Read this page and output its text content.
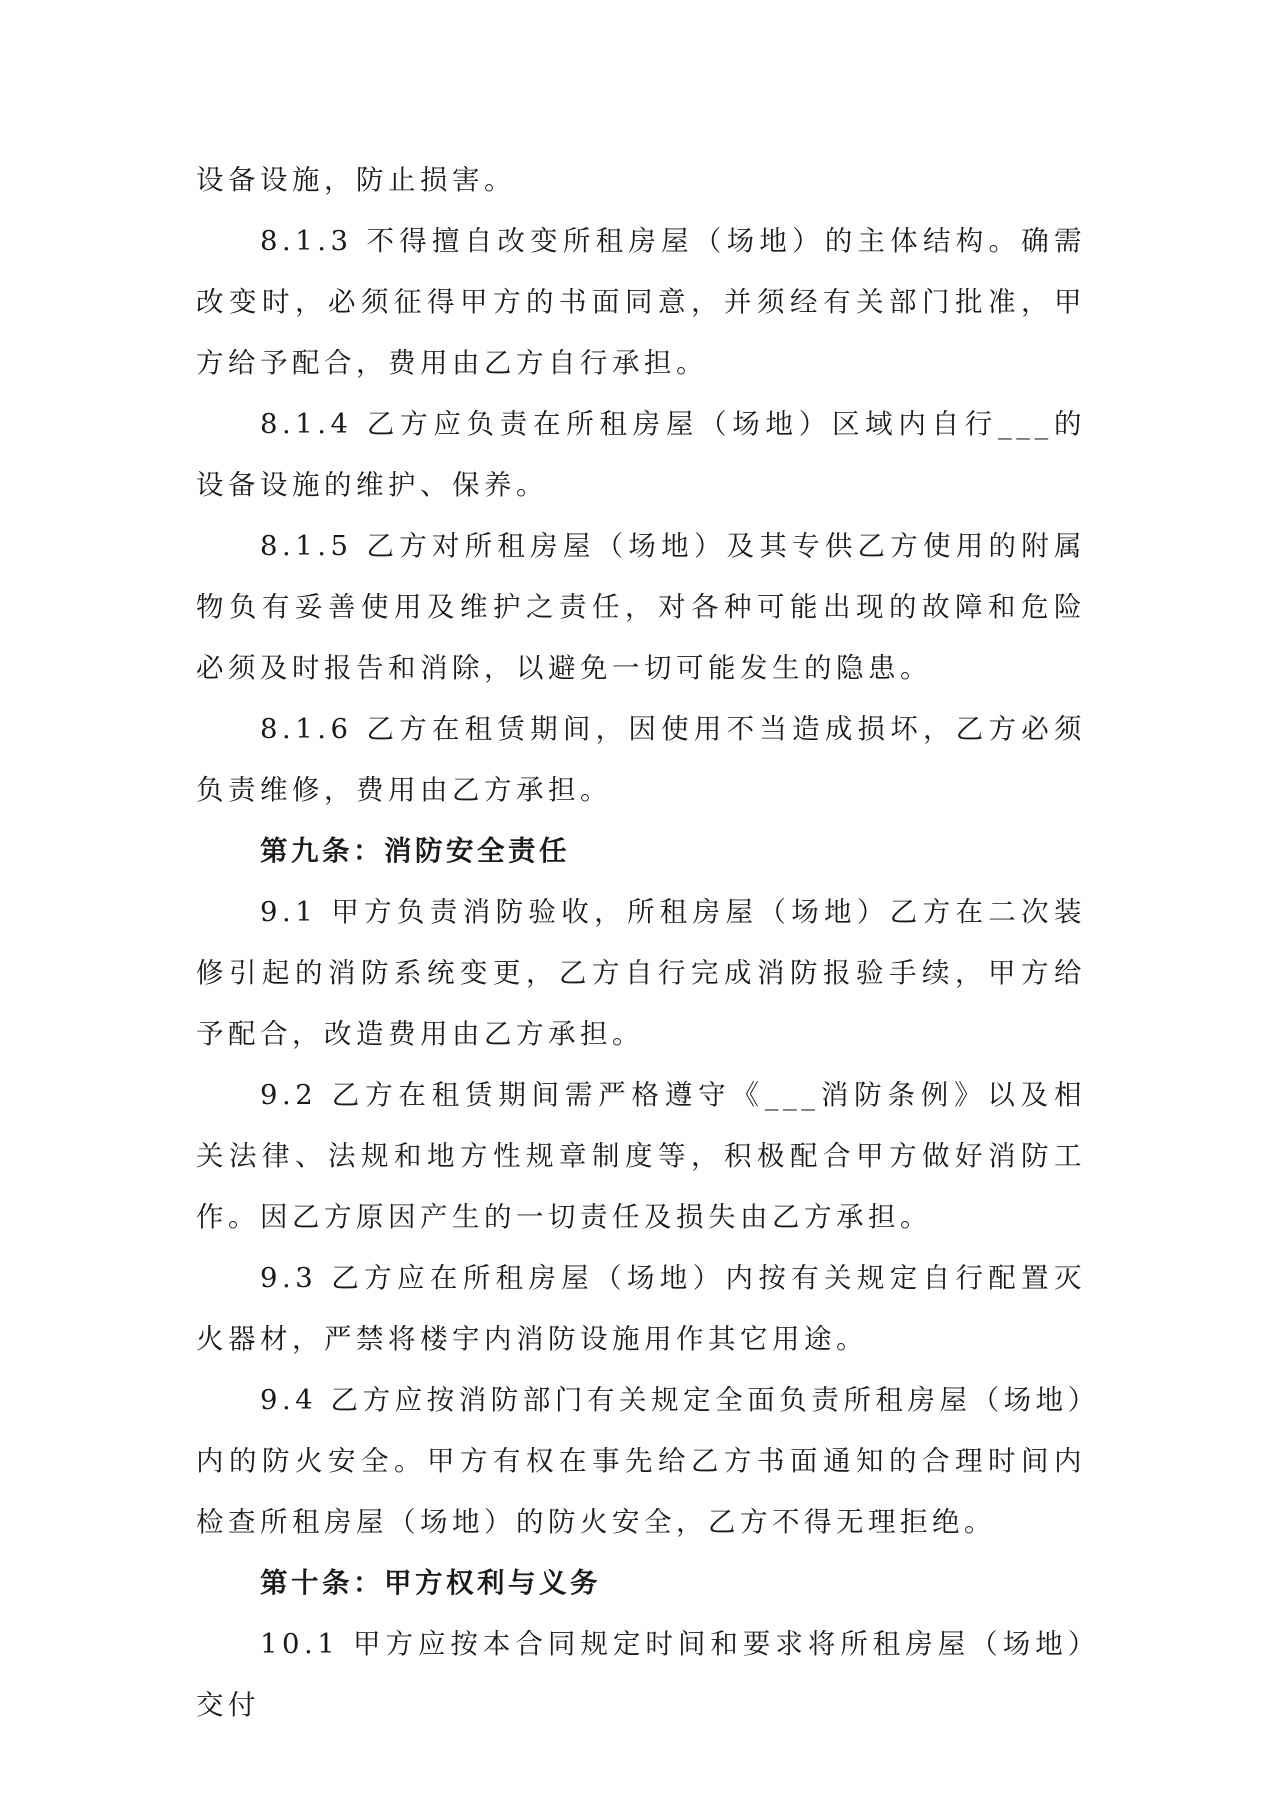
设备设施，防止损害。

8.1.3 不得擅自改变所租房屋（场地）的主体结构。确需改变时，必须征得甲方的书面同意，并须经有关部门批准，甲方给予配合，费用由乙方自行承担。

8.1.4 乙方应负责在所租房屋（场地）区域内自行___的设备设施的维护、保养。

8.1.5 乙方对所租房屋（场地）及其专供乙方使用的附属物负有妥善使用及维护之责任，对各种可能出现的故障和危险必须及时报告和消除，以避免一切可能发生的隐患。

8.1.6 乙方在租赁期间，因使用不当造成损坏，乙方必须负责维修，费用由乙方承担。

第九条：消防安全责任

9.1 甲方负责消防验收，所租房屋（场地）乙方在二次装修引起的消防系统变更，乙方自行完成消防报验手续，甲方给予配合，改造费用由乙方承担。

9.2 乙方在租赁期间需严格遵守《___消防条例》以及相关法律、法规和地方性规章制度等，积极配合甲方做好消防工作。因乙方原因产生的一切责任及损失由乙方承担。

9.3 乙方应在所租房屋（场地）内按有关规定自行配置灭火器材，严禁将楼宇内消防设施用作其它用途。

9.4 乙方应按消防部门有关规定全面负责所租房屋（场地）内的防火安全。甲方有权在事先给乙方书面通知的合理时间内检查所租房屋（场地）的防火安全，乙方不得无理拒绝。

第十条：甲方权利与义务

10.1 甲方应按本合同规定时间和要求将所租房屋（场地）交付
